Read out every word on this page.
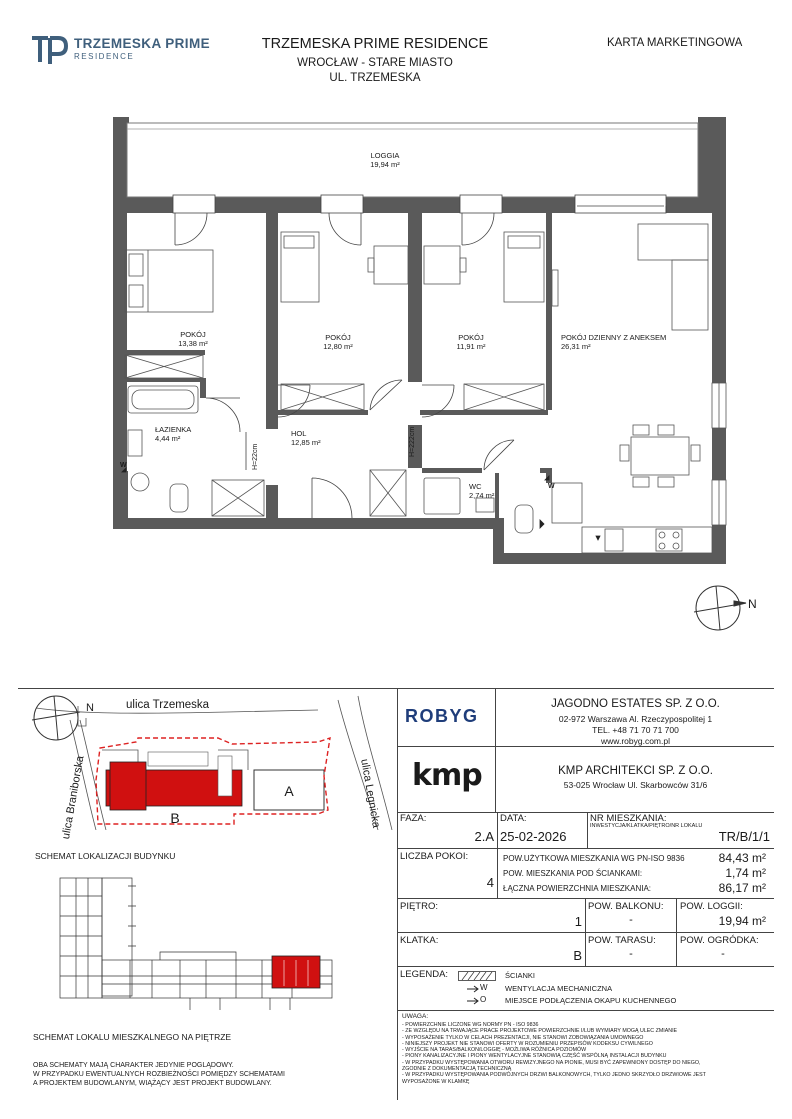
TRZEMESKA PRIME
RESIDENCE
TRZEMESKA PRIME RESIDENCE
WROCŁAW - STARE MIASTO
UL. TRZEMESKA
KARTA MARKETINGOWA
LOGGIA
19,94 m²
POKÓJ
13,38 m²
POKÓJ
12,80 m²
POKÓJ
11,91 m²
POKÓJ DZIENNY Z ANEKSEM
26,31 m²
ŁAZIENKA
4,44 m²
HOL
12,85 m²
WC
2,74 m²
H=22cm	H=222cm
W
W
N
ulica Trzemeska
N
ulica Braniborska	ulica Legnicka
A
B
SCHEMAT LOKALIZACJI BUDYNKU
SCHEMAT LOKALU MIESZKALNEGO NA PIĘTRZE
OBA SCHEMATY MAJĄ CHARAKTER JEDYNIE POGLĄDOWY.
W PRZYPADKU EWENTUALNYCH ROZBIEŻNOŚCI POMIĘDZY SCHEMATAMI
A PROJEKTEM BUDOWLANYM, WIĄŻĄCY JEST PROJEKT BUDOWLANY.
ROBYG
JAGODNO ESTATES SP. Z O.O.
02-972 Warszawa Al. Rzeczypospolitej 1
TEL. +48 71 70 71 700
www.robyg.com.pl
kmp	KMP ARCHITEKCI SP. Z O.O.
53-025 Wrocław Ul. Skarbowców 31/6
FAZA:
2.A
DATA:
25-02-2026
NR MIESZKANIA:
INWESTYCJA/KLATKA/PIĘTRO/NR LOKALU
TR/B/1/1
LICZBA POKOI:
4
POW.UŻYTKOWA MIESZKANIA WG PN-ISO 9836	84,43 m²
POW. MIESZKANIA POD ŚCIANKAMI:	1,74 m²
ŁĄCZNA POWIERZCHNIA MIESZKANIA:	86,17 m²
PIĘTRO:
1
POW. BALKONU:
-
POW. LOGGII:
19,94 m²
KLATKA:
B
POW. TARASU:
-
POW. OGRÓDKA:
-
LEGENDA:	ŚCIANKI
W WENTYLACJA MECHANICZNA
O	MIEJSCE PODŁĄCZENIA OKAPU KUCHENNEGO
UWAGA:
- POWIERZCHNIE LICZONE WG NORMY PN - ISO 9836
- ZE WZGLĘDU NA TRWAJĄCE PRACE PROJEKTOWE POWIERZCHNIE I/LUB WYMIARY MOGĄ ULEC ZMIANIE
- WYPOSAŻENIE TYLKO W CELACH PREZENTACJI, NIE STANOWI ZOBOWIĄZANIA UMOWNEGO
- NINIEJSZY PROJEKT NIE STANOWI OFERTY W ROZUMIENIU PRZEPISÓW KODEKSU CYWILNEGO
- WYJŚCIE NA TARAS/BALKON/LOGGIĘ - MOŻLIWA RÓŻNICA POZIOMÓW
- PIONY KANALIZACYJNE I PIONY WENTYLACYJNE STANOWIĄ CZĘŚĆ WSPÓLNĄ INSTALACJI BUDYNKU
- W PRZYPADKU WYSTĘPOWANIA OTWORU REWIZYJNEGO NA PIONIE, MUSI BYĆ ZAPEWNIONY DOSTĘP DO NIEGO,
ZGODNIE Z DOKUMENTACJĄ TECHNICZNĄ
- W PRZYPADKU WYSTĘPOWANIA PODWÓJNYCH DRZWI BALKONOWYCH, TYLKO JEDNO SKRZYDŁO DRZWIOWE JEST
WYPOSAŻONE W KLAMKĘ
